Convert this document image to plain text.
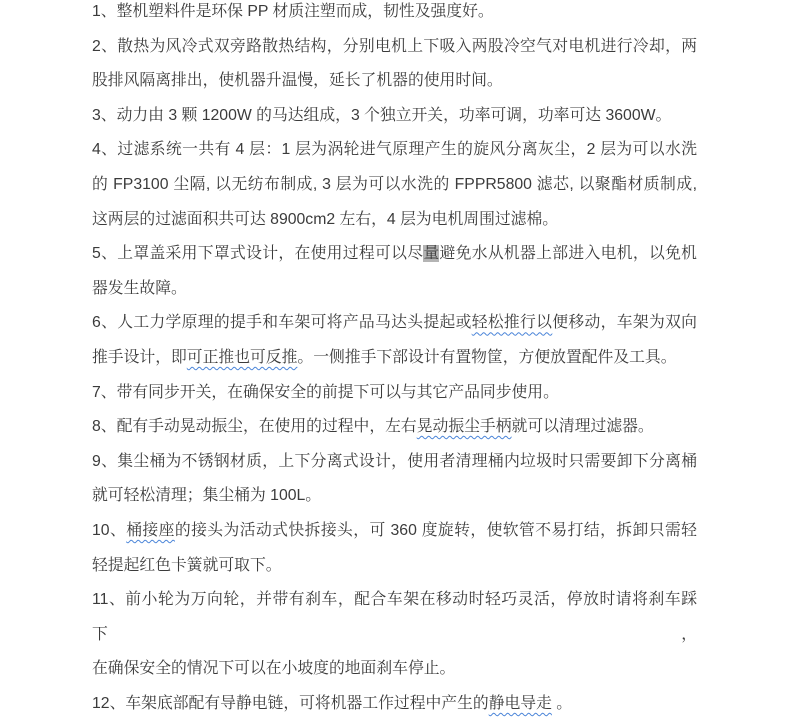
1、整机塑料件是环保 PP 材质注塑而成，韧性及强度好。
2、散热为风冷式双旁路散热结构，分别电机上下吸入两股冷空气对电机进行冷却，两
股排风隔离排出，使机器升温慢，延长了机器的使用时间。
3、动力由 3 颗 1200W 的马达组成，3 个独立开关，功率可调，功率可达 3600W。
4、过滤系统一共有 4 层：1 层为涡轮进气原理产生的旋风分离灰尘，2 层为可以水洗
的 FP3100 尘隔, 以无纺布制成, 3 层为可以水洗的 FPPR5800 滤芯, 以聚酯材质制成,
这两层的过滤面积共可达 8900cm2 左右，4 层为电机周围过滤棉。
5、上罩盖采用下罩式设计，在使用过程可以尽量避免水从机器上部进入电机，以免机
器发生故障。
6、人工力学原理的提手和车架可将产品马达头提起或轻松推行以便移动，车架为双向
推手设计，即可正推也可反推。一侧推手下部设计有置物筐，方便放置配件及工具。
7、带有同步开关，在确保安全的前提下可以与其它产品同步使用。
8、配有手动晃动振尘，在使用的过程中，左右晃动振尘手柄就可以清理过滤器。
9、集尘桶为不锈钢材质，上下分离式设计，使用者清理桶内垃圾时只需要卸下分离桶
就可轻松清理；集尘桶为 100L。
10、桶接座的接头为活动式快拆接头，可 360 度旋转，使软管不易打结，拆卸只需轻
轻提起红色卡簧就可取下。
11、前小轮为万向轮，并带有刹车，配合车架在移动时轻巧灵活，停放时请将刹车踩下，
在确保安全的情况下可以在小坡度的地面刹车停止。
12、车架底部配有导静电链，可将机器工作过程中产生的静电导走 。
